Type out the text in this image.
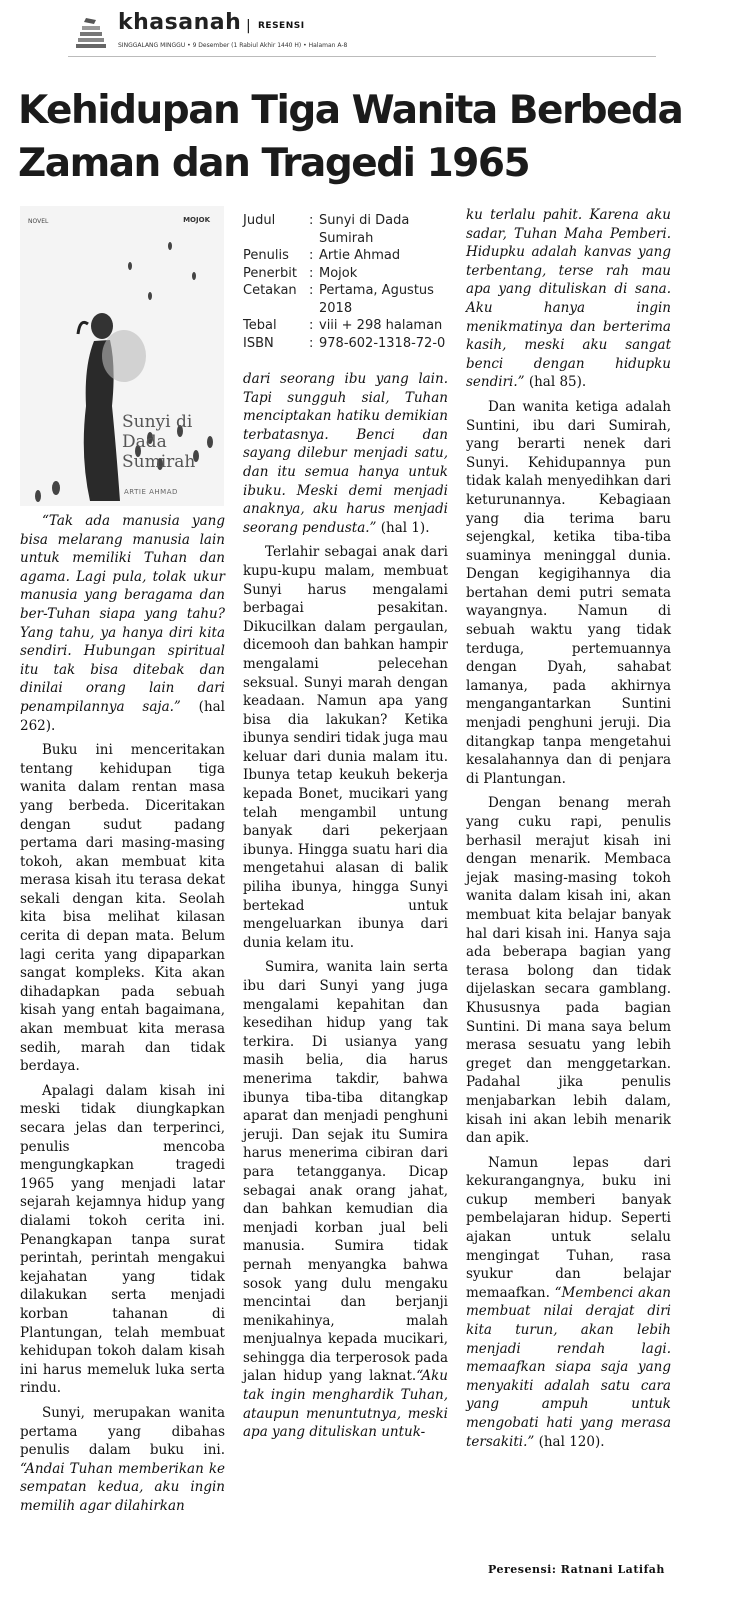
khasanah | RESENSI
SINGGALANG MINGGU • 9 Desember (1 Rabiul Akhir 1440 H) • Halaman A-8
Kehidupan Tiga Wanita Berbeda Zaman dan Tragedi 1965
NOVEL	MOJOK
Sunyi di Dada Sumirah
ARTIE AHMAD
Judul	: Sunyi di Dada Sumirah
Penulis	: Artie Ahmad
Penerbit : Mojok
Cetakan : Pertama, Agustus 2018
Tebal	: viii + 298 halaman
ISBN	: 978-602-1318-72-0

“Tak ada manusia yang bisa melarang manusia lain untuk memiliki Tuhan dan agama. Lagi pula, tolak ukur manusia yang beragama dan ber-Tuhan siapa yang tahu? Yang tahu, ya hanya diri kita sendiri. Hubungan spiritual itu tak bisa ditebak dan dinilai orang lain dari penampilannya saja.” (hal 262).

Buku ini menceritakan tentang kehidupan tiga wanita dalam rentan masa yang berbeda. Diceritakan dengan sudut padang pertama dari masing-masing tokoh, akan membuat kita merasa kisah itu terasa dekat sekali dengan kita. Seolah kita bisa melihat kilasan cerita di depan mata. Belum lagi cerita yang dipaparkan sangat kompleks. Kita akan dihadapkan pada sebuah kisah yang entah bagaimana, akan membuat kita merasa sedih, marah dan tidak berdaya.

Apalagi dalam kisah ini meski tidak diungkapkan secara jelas dan terperinci, penulis mencoba mengungkapkan tragedi 1965 yang menjadi latar sejarah kejamnya hidup yang dialami tokoh cerita ini. Penangkapan tanpa surat perintah, perintah mengakui kejahatan yang tidak dilakukan serta menjadi korban tahanan di Plantungan, telah membuat kehidupan tokoh dalam kisah ini harus memeluk luka serta rindu.

Sunyi, merupakan wanita pertama yang dibahas penulis dalam buku ini. “Andai Tuhan memberikan ke sempatan kedua, aku ingin memilih agar dilahirkan

dari seorang ibu yang lain. Tapi sungguh sial, Tuhan menciptakan hatiku demikian terbatasnya. Benci dan sayang dilebur menjadi satu, dan itu semua hanya untuk ibuku. Meski demi menjadi anaknya, aku harus menjadi seorang pendusta.” (hal 1).

Terlahir sebagai anak dari kupu-kupu malam, membuat Sunyi harus mengalami berbagai pesakitan. Dikucilkan dalam pergaulan, dicemooh dan bahkan hampir mengalami pelecehan seksual. Sunyi marah dengan keadaan. Namun apa yang bisa dia lakukan? Ketika ibunya sendiri tidak juga mau keluar dari dunia malam itu. Ibunya tetap keukuh bekerja kepada Bonet, mucikari yang telah mengambil untung banyak dari pekerjaan ibunya. Hingga suatu hari dia mengetahui alasan di balik piliha ibunya, hingga Sunyi bertekad untuk mengeluarkan ibunya dari dunia kelam itu.

Sumira, wanita lain serta ibu dari Sunyi yang juga mengalami kepahitan dan kesedihan hidup yang tak terkira. Di usianya yang masih belia, dia harus menerima takdir, bahwa ibunya tiba-tiba ditangkap aparat dan menjadi penghuni jeruji. Dan sejak itu Sumira harus menerima cibiran dari para tetangganya. Dicap sebagai anak orang jahat, dan bahkan kemudian dia menjadi korban jual beli manusia. Sumira tidak pernah menyangka bahwa sosok yang dulu mengaku mencintai dan berjanji menikahinya, malah menjualnya kepada mucikari, sehingga dia terperosok pada jalan hidup yang laknat.“Aku tak ingin menghardik Tuhan, ataupun menuntutnya, meski apa yang dituliskan untuk-

ku terlalu pahit. Karena aku sadar, Tuhan Maha Pemberi. Hidupku adalah kanvas yang terbentang, terse rah mau apa yang dituliskan di sana. Aku hanya ingin menikmatinya dan berterima kasih, meski aku sangat benci dengan hidupku sendiri.” (hal 85).

Dan wanita ketiga adalah Suntini, ibu dari Sumirah, yang berarti nenek dari Sunyi. Kehidupannya pun tidak kalah menyedihkan dari keturunannya. Kebagiaan yang dia terima baru sejengkal, ketika tiba-tiba suaminya meninggal dunia. Dengan kegigihannya dia bertahan demi putri semata wayangnya. Namun di sebuah waktu yang tidak terduga, pertemuannya dengan Dyah, sahabat lamanya, pada akhirnya mengangantarkan Suntini menjadi penghuni jeruji. Dia ditangkap tanpa mengetahui kesalahannya dan di penjara di Plantungan.

Dengan benang merah yang cuku rapi, penulis berhasil merajut kisah ini dengan menarik. Membaca jejak masing-masing tokoh wanita dalam kisah ini, akan membuat kita belajar banyak hal dari kisah ini. Hanya saja ada beberapa bagian yang terasa bolong dan tidak dijelaskan secara gamblang. Khususnya pada bagian Suntini. Di mana saya belum merasa sesuatu yang lebih greget dan menggetarkan. Padahal jika penulis menjabarkan lebih dalam, kisah ini akan lebih menarik dan apik.

Namun lepas dari kekurangangnya, buku ini cukup memberi banyak pembelajaran hidup. Seperti ajakan untuk selalu mengingat Tuhan, rasa syukur dan belajar memaafkan. “Membenci akan membuat nilai derajat diri kita turun, akan lebih menjadi rendah lagi. memaafkan siapa saja yang menyakiti adalah satu cara yang ampuh untuk mengobati hati yang merasa tersakiti.” (hal 120).

Peresensi: Ratnani Latifah
